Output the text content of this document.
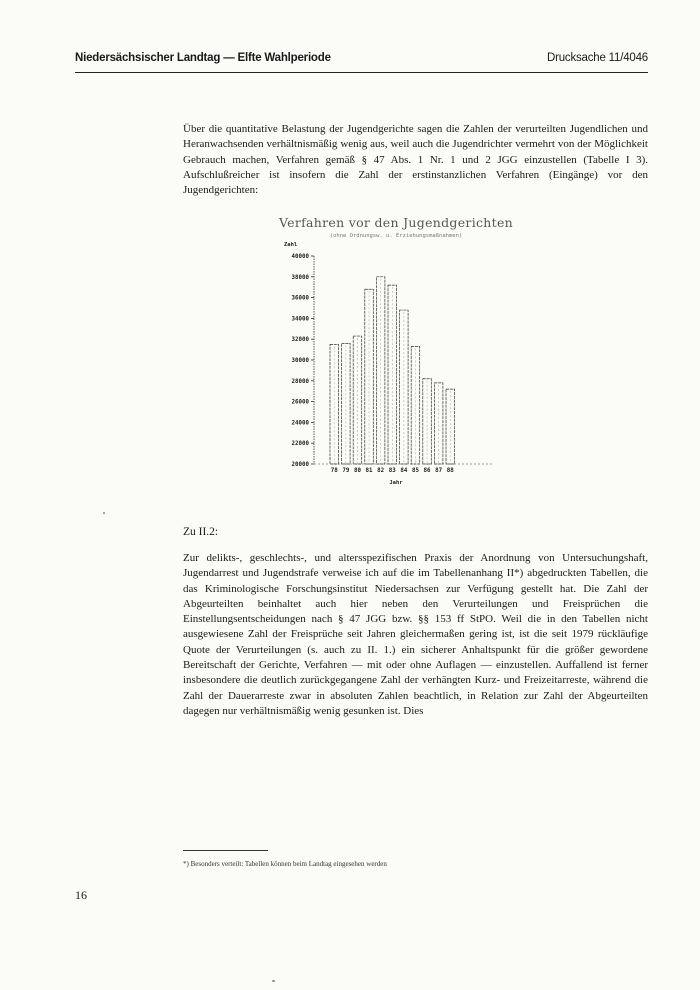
Niedersächsischer Landtag — Elfte Wahlperiode	Drucksache 11/4046

Über die quantitative Belastung der Jugendgerichte sagen die Zahlen der verurteilten Jugendlichen und Heranwachsenden verhältnismäßig wenig aus, weil auch die Jugendrichter vermehrt von der Möglichkeit Gebrauch machen, Verfahren gemäß § 47 Abs. 1 Nr. 1 und 2 JGG einzustellen (Tabelle I 3). Aufschlußreicher ist insofern die Zahl der erstinstanzlichen Verfahren (Eingänge) vor den Jugendgerichten:

Verfahren vor den Jugendgerichten
(ohne Ordnungsw. u. Erziehungsmaßnahmen)
Zahl
Jahr
40000
38000
36000
34000
32000
30000
28000
26000
24000
22000
20000
78 79 80 81 82 83 84 85 86 87 88

Zu II.2:

Zur delikts-, geschlechts-, und altersspezifischen Praxis der Anordnung von Untersuchungshaft, Jugendarrest und Jugendstrafe verweise ich auf die im Tabellenanhang II*) abgedruckten Tabellen, die das Kriminologische Forschungsinstitut Niedersachsen zur Verfügung gestellt hat. Die Zahl der Abgeurteilten beinhaltet auch hier neben den Verurteilungen und Freisprüchen die Einstellungsentscheidungen nach § 47 JGG bzw. §§ 153 ff StPO. Weil die in den Tabellen nicht ausgewiesene Zahl der Freisprüche seit Jahren gleichermaßen gering ist, ist die seit 1979 rückläufige Quote der Verurteilungen (s. auch zu II. 1.) ein sicherer Anhaltspunkt für die größer gewordene Bereitschaft der Gerichte, Verfahren — mit oder ohne Auflagen — einzustellen. Auffallend ist ferner insbesondere die deutlich zurückgegangene Zahl der verhängten Kurz- und Freizeitarreste, während die Zahl der Dauerarreste zwar in absoluten Zahlen beachtlich, in Relation zur Zahl der Abgeurteilten dagegen nur verhältnismäßig wenig gesunken ist. Dies

*) Besonders verteilt: Tabellen können beim Landtag eingesehen werden

16
